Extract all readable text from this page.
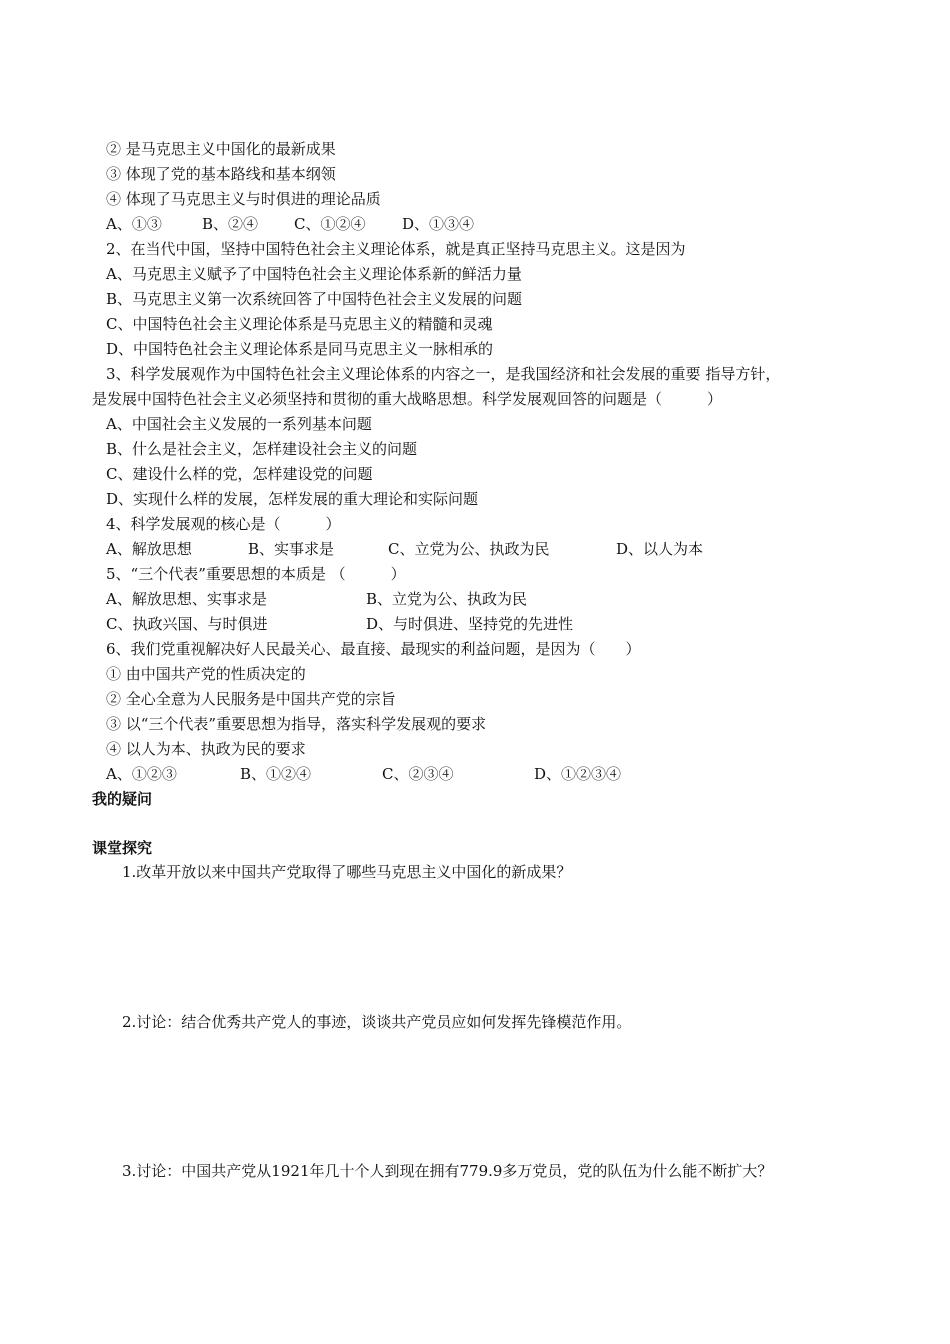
② 是马克思主义中国化的最新成果
③ 体现了党的基本路线和基本纲领
④ 体现了马克思主义与时俱进的理论品质
A、①③	B、②④ C、①②④ D、①③④
2、在当代中国，坚持中国特色社会主义理论体系，就是真正坚持马克思主义。这是因为
A、马克思主义赋予了中国特色社会主义理论体系新的鲜活力量
B、马克思主义第一次系统回答了中国特色社会主义发展的问题
C、中国特色社会主义理论体系是马克思主义的精髓和灵魂
D、中国特色社会主义理论体系是同马克思主义一脉相承的
3、科学发展观作为中国特色社会主义理论体系的内容之一，是我国经济和社会发展的重要 指导方针，
是发展中国特色社会主义必须坚持和贯彻的重大战略思想。科学发展观回答的问题是（　　　）
A、中国社会主义发展的一系列基本问题
B、什么是社会主义，怎样建设社会主义的问题
C、建设什么样的党，怎样建设党的问题
D、实现什么样的发展，怎样发展的重大理论和实际问题
4、科学发展观的核心是（　　　）
A、解放思想	B、实事求是	C、立党为公、执政为民	D、以人为本
5、“三个代表”重要思想的本质是 （　　　）
A、解放思想、实事求是	B、立党为公、执政为民
C、执政兴国、与时俱进	D、与时俱进、坚持党的先进性
6、我们党重视解决好人民最关心、最直接、最现实的利益问题，是因为（　　）
① 由中国共产党的性质决定的
② 全心全意为人民服务是中国共产党的宗旨
③ 以“三个代表”重要思想为指导，落实科学发展观的要求
④ 以人为本、执政为民的要求
A、①②③	B、①②④	C、②③④	D、①②③④
我的疑问
课堂探究
1.改革开放以来中国共产党取得了哪些马克思主义中国化的新成果？
2.讨论：结合优秀共产党人的事迹，谈谈共产党员应如何发挥先锋模范作用。
3.讨论：中国共产党从1921年几十个人到现在拥有779.9多万党员，党的队伍为什么能不断扩大？
